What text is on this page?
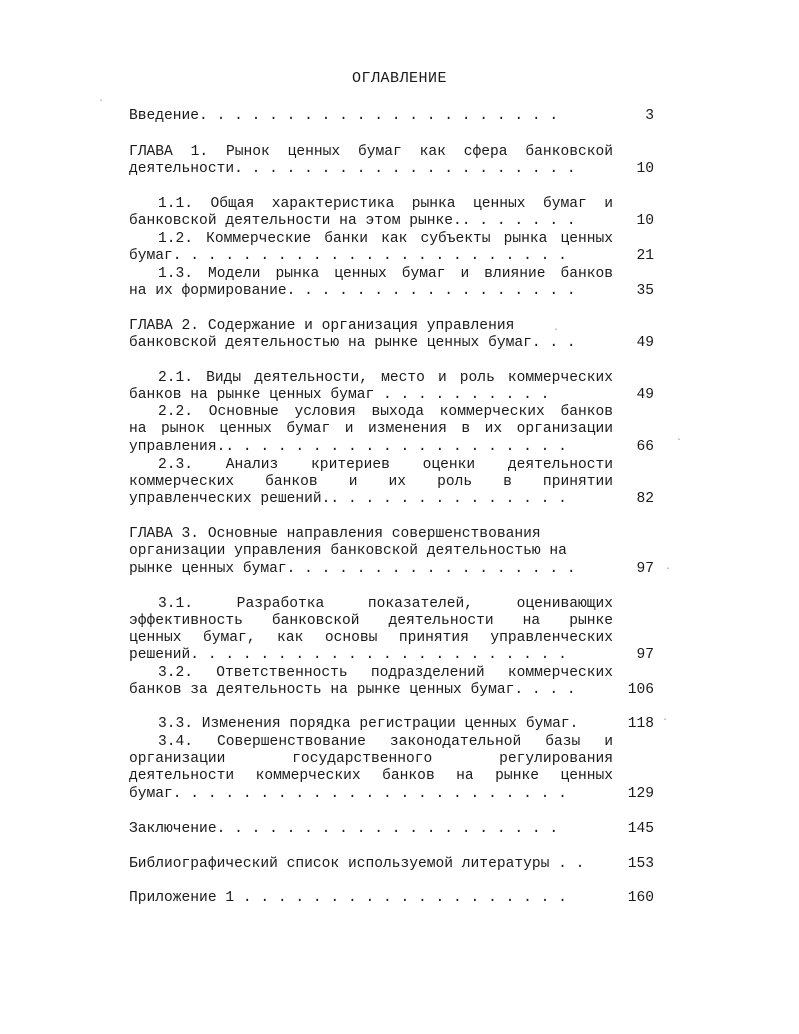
ОГЛАВЛЕНИЕ
Введение. . . . . . . . . . . . . . . . . . . . .	3
ГЛАВА 1. Рынок ценных бумаг как сфера банковской
деятельности. . . . . . . . . . . . . . . . . . . .	10
1.1. Общая характеристика рынка ценных бумаг и
банковской деятельности на этом рынке.. . . . . . .	10
1.2. Коммерческие банки как субъекты рынка ценных
бумаг. . . . . . . . . . . . . . . . . . . . . . .	21
1.3. Модели рынка ценных бумаг и влияние банков
на их формирование. . . . . . . . . . . . . . . . .	35
ГЛАВА 2. Содержание и организация управления
банковской деятельностью на рынке ценных бумаг. . .	49
2.1. Виды деятельности, место и роль коммерческих
банков на рынке ценных бумаг . . . . . . . . . .	49
2.2. Основные условия выхода коммерческих банков
на рынок ценных бумаг и изменения в их организации
управления.. . . . . . . . . . . . . . . . . . . .	66
2.3. Анализ критериев оценки деятельности
коммерческих банков и их роль в принятии
управленческих решений.. . . . . . . . . . . . . .	82
ГЛАВА 3. Основные направления совершенствования
организации управления банковской деятельностью на
рынке ценных бумаг. . . . . . . . . . . . . . . . .	97
3.1. Разработка показателей, оценивающих
эффективность банковской деятельности на рынке
ценных бумаг, как основы принятия управленческих
решений. . . . . . . . . . . . . . . . . . . . . .	97
3.2. Ответственность подразделений коммерческих
банков за деятельность на рынке ценных бумаг. . . .	106
3.3. Изменения порядка регистрации ценных бумаг.	118
3.4. Совершенствование законодательной базы и
организации государственного регулирования
деятельности коммерческих банков на рынке ценных
бумаг. . . . . . . . . . . . . . . . . . . . . . .	129
Заключение. . . . . . . . . . . . . . . . . . . .	145
Библиографический список используемой литературы . .	153
Приложение 1 . . . . . . . . . . . . . . . . . . .	160
·
·
·
·
·
